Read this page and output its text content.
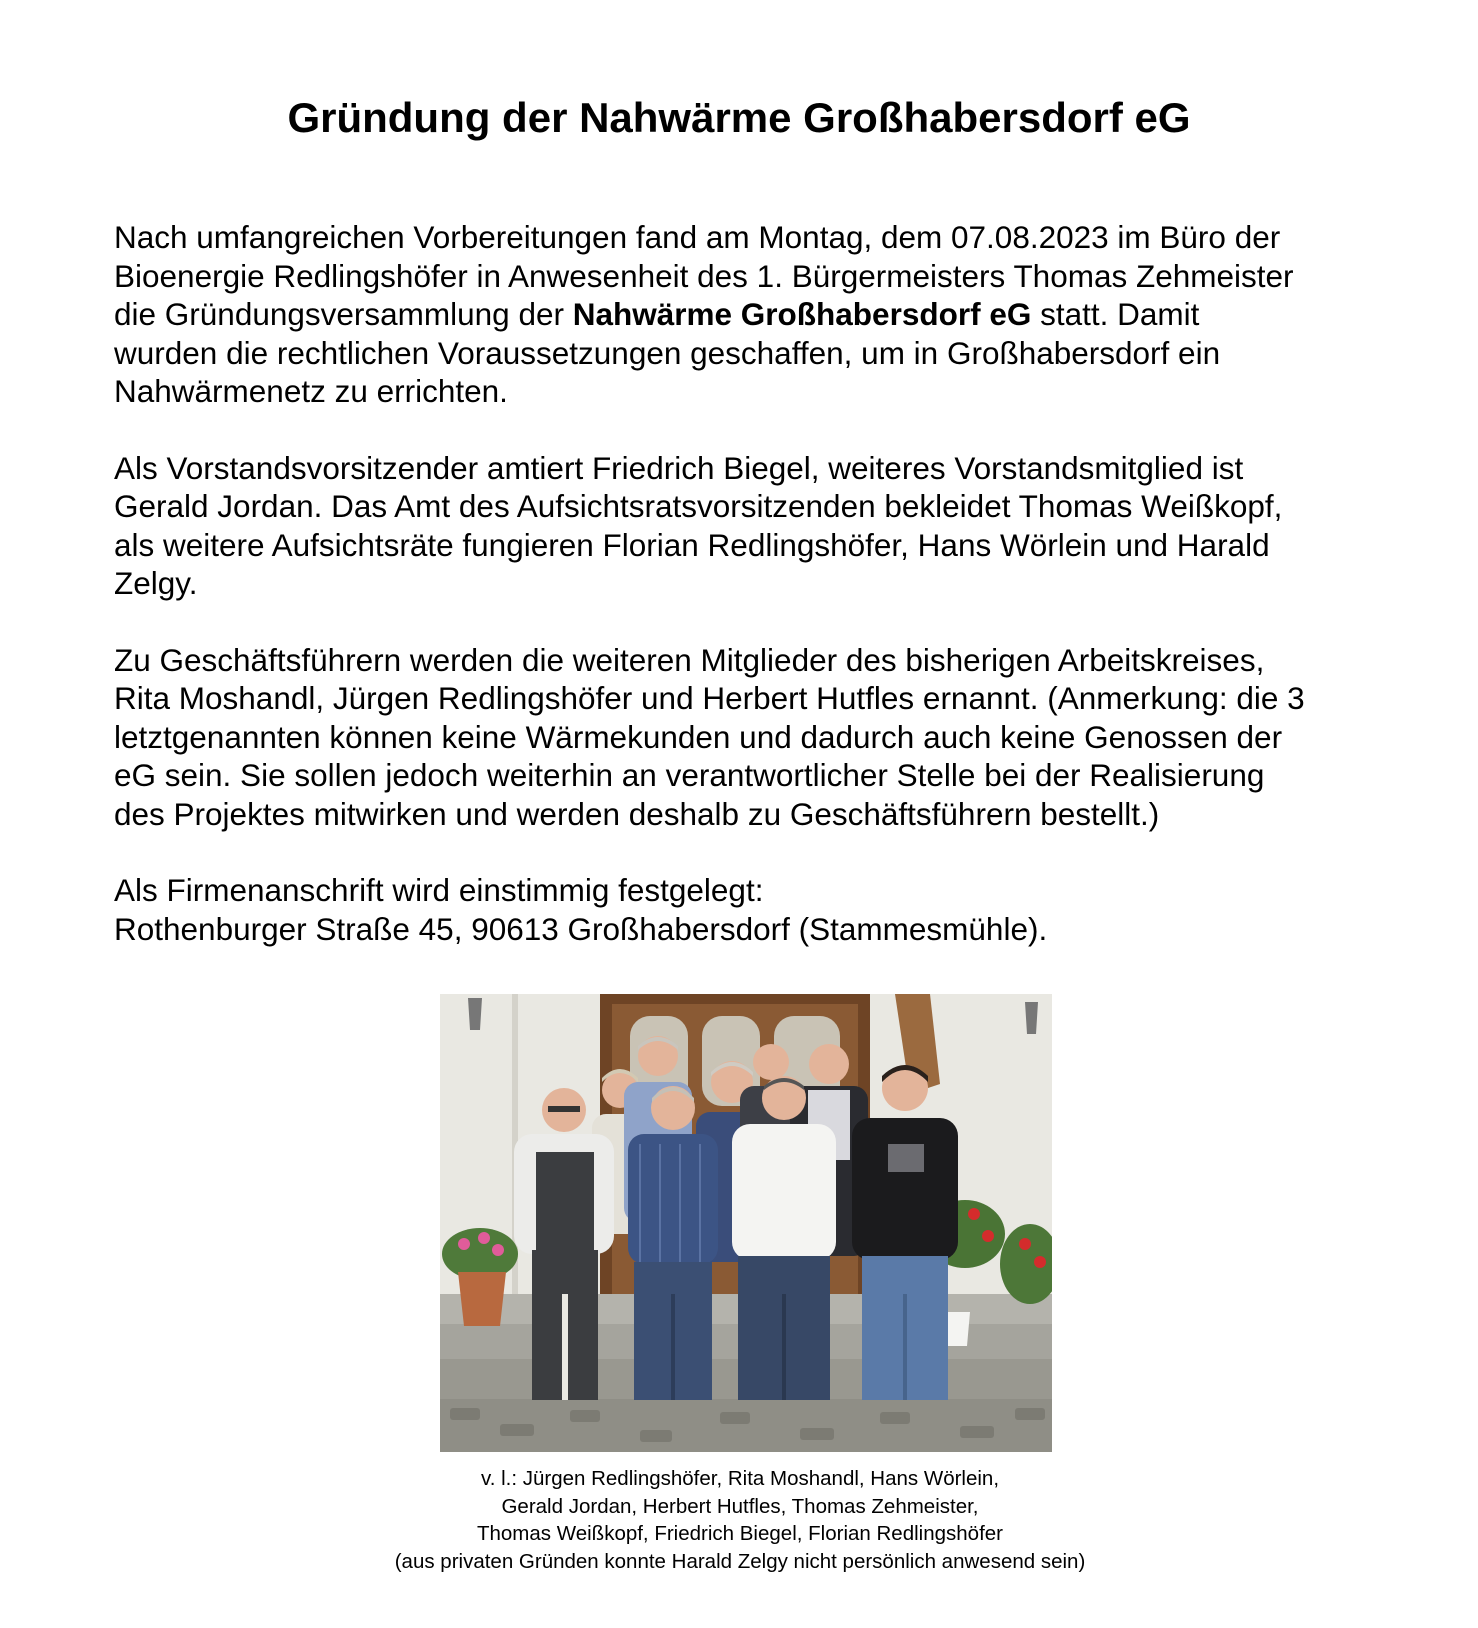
Gründung der Nahwärme Großhabersdorf eG

Nach umfangreichen Vorbereitungen fand am Montag, dem 07.08.2023 im Büro der
Bioenergie Redlingshöfer in Anwesenheit des 1. Bürgermeisters Thomas Zehmeister
die Gründungsversammlung der Nahwärme Großhabersdorf eG statt. Damit
wurden die rechtlichen Voraussetzungen geschaffen, um in Großhabersdorf ein
Nahwärmenetz zu errichten.

Als Vorstandsvorsitzender amtiert Friedrich Biegel, weiteres Vorstandsmitglied ist
Gerald Jordan. Das Amt des Aufsichtsratsvorsitzenden bekleidet Thomas Weißkopf,
als weitere Aufsichtsräte fungieren Florian Redlingshöfer, Hans Wörlein und Harald
Zelgy.

Zu Geschäftsführern werden die weiteren Mitglieder des bisherigen Arbeitskreises,
Rita Moshandl, Jürgen Redlingshöfer und Herbert Hutfles ernannt. (Anmerkung: die 3
letztgenannten können keine Wärmekunden und dadurch auch keine Genossen der
eG sein. Sie sollen jedoch weiterhin an verantwortlicher Stelle bei der Realisierung
des Projektes mitwirken und werden deshalb zu Geschäftsführern bestellt.)

Als Firmenanschrift wird einstimmig festgelegt:
Rothenburger Straße 45, 90613 Großhabersdorf (Stammesmühle).

v. l.: Jürgen Redlingshöfer, Rita Moshandl, Hans Wörlein,
Gerald Jordan, Herbert Hutfles, Thomas Zehmeister,
Thomas Weißkopf, Friedrich Biegel, Florian Redlingshöfer
(aus privaten Gründen konnte Harald Zelgy nicht persönlich anwesend sein)
